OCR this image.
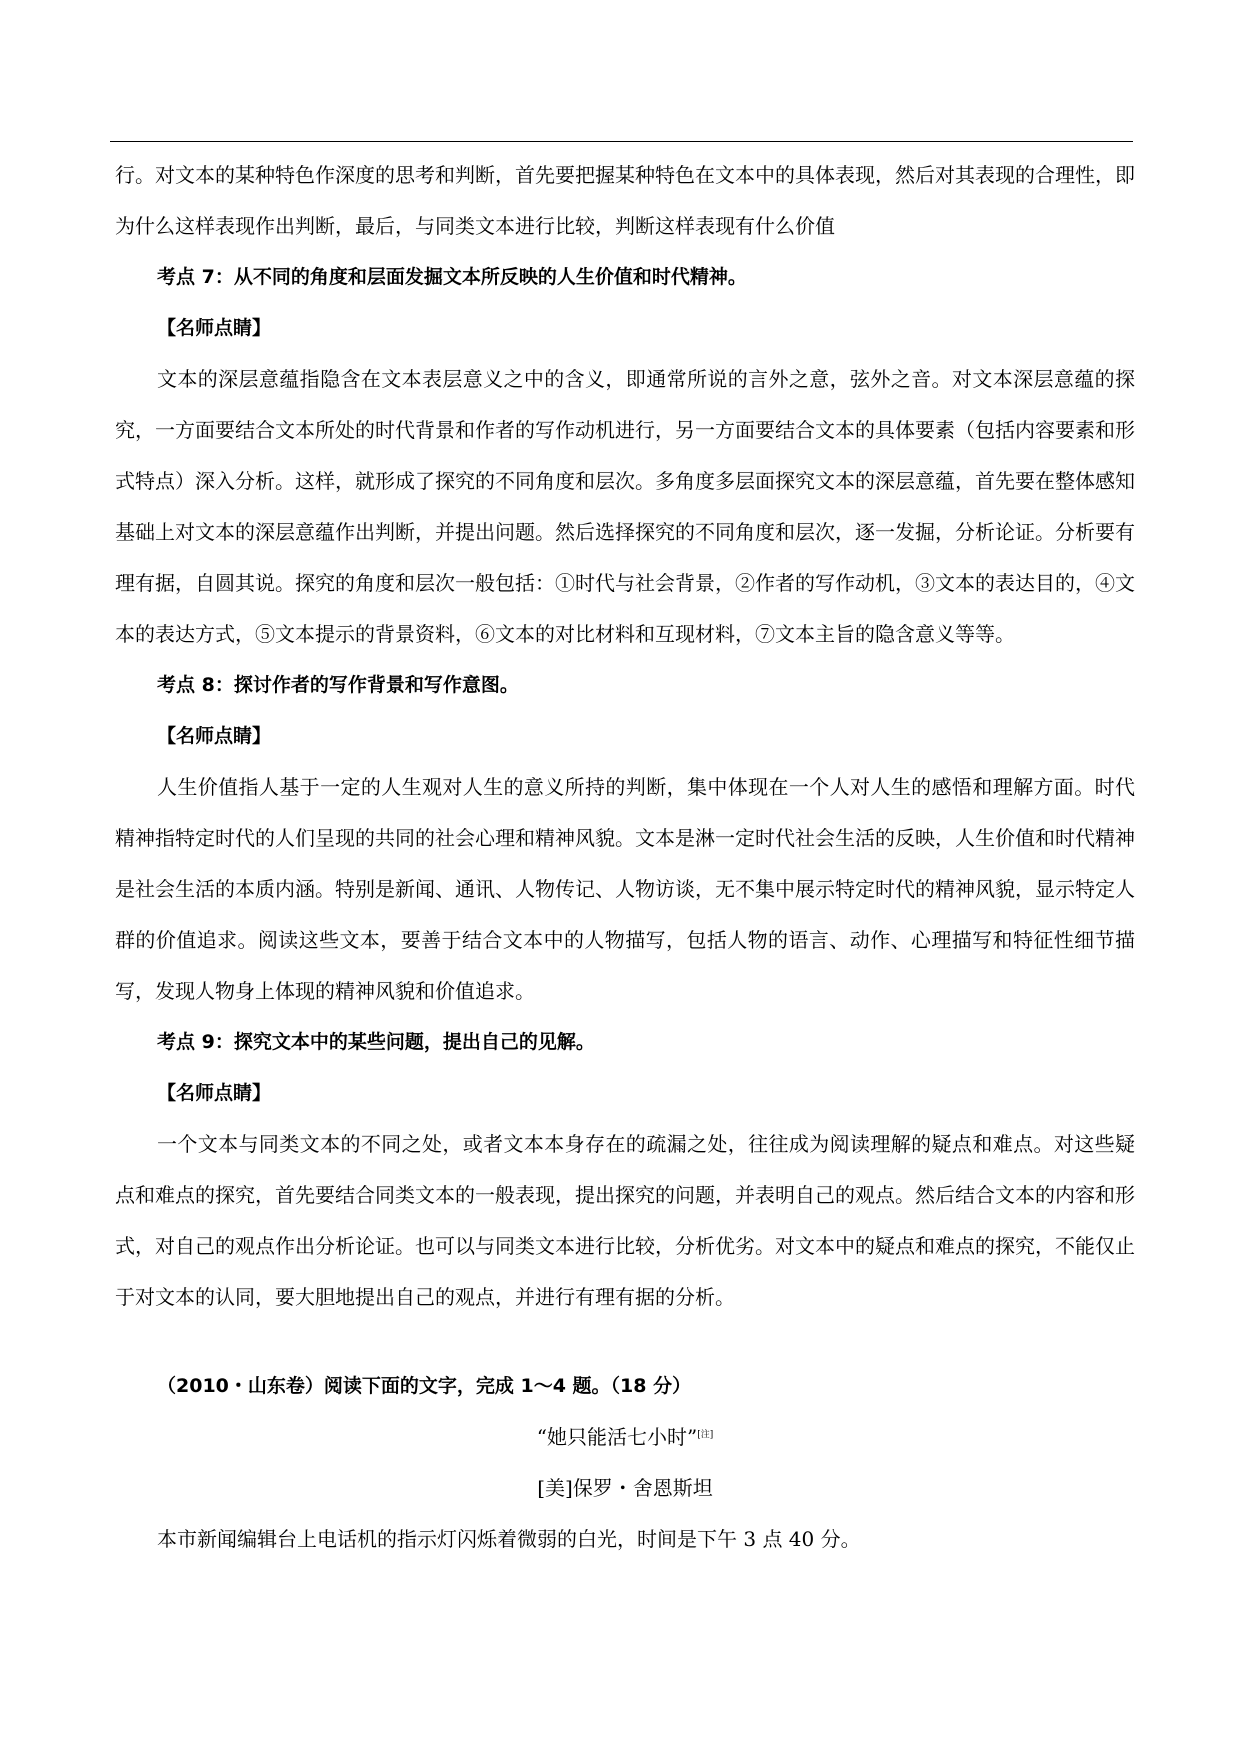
行。对文本的某种特色作深度的思考和判断，首先要把握某种特色在文本中的具体表现，然后对其表现的合理性，即为什么这样表现作出判断，最后，与同类文本进行比较，判断这样表现有什么价值

考点 7：从不同的角度和层面发掘文本所反映的人生价值和时代精神。

【名师点睛】

文本的深层意蕴指隐含在文本表层意义之中的含义，即通常所说的言外之意，弦外之音。对文本深层意蕴的探究，一方面要结合文本所处的时代背景和作者的写作动机进行，另一方面要结合文本的具体要素（包括内容要素和形式特点）深入分析。这样，就形成了探究的不同角度和层次。多角度多层面探究文本的深层意蕴，首先要在整体感知基础上对文本的深层意蕴作出判断，并提出问题。然后选择探究的不同角度和层次，逐一发掘，分析论证。分析要有理有据，自圆其说。探究的角度和层次一般包括：①时代与社会背景，②作者的写作动机，③文本的表达目的，④文本的表达方式，⑤文本提示的背景资料，⑥文本的对比材料和互现材料，⑦文本主旨的隐含意义等等。

考点 8：探讨作者的写作背景和写作意图。

【名师点睛】

人生价值指人基于一定的人生观对人生的意义所持的判断，集中体现在一个人对人生的感悟和理解方面。时代精神指特定时代的人们呈现的共同的社会心理和精神风貌。文本是淋一定时代社会生活的反映，人生价值和时代精神是社会生活的本质内涵。特别是新闻、通讯、人物传记、人物访谈，无不集中展示特定时代的精神风貌，显示特定人群的价值追求。阅读这些文本，要善于结合文本中的人物描写，包括人物的语言、动作、心理描写和特征性细节描写，发现人物身上体现的精神风貌和价值追求。

考点 9：探究文本中的某些问题，提出自己的见解。

【名师点睛】

一个文本与同类文本的不同之处，或者文本本身存在的疏漏之处，往往成为阅读理解的疑点和难点。对这些疑点和难点的探究，首先要结合同类文本的一般表现，提出探究的问题，并表明自己的观点。然后结合文本的内容和形式，对自己的观点作出分析论证。也可以与同类文本进行比较，分析优劣。对文本中的疑点和难点的探究，不能仅止于对文本的认同，要大胆地提出自己的观点，并进行有理有据的分析。

（2010・山东卷）阅读下面的文字，完成 1～4 题。（18 分）

“她只能活七小时”[注]

[美]保罗・舍恩斯坦

本市新闻编辑台上电话机的指示灯闪烁着微弱的白光，时间是下午 3 点 40 分。
